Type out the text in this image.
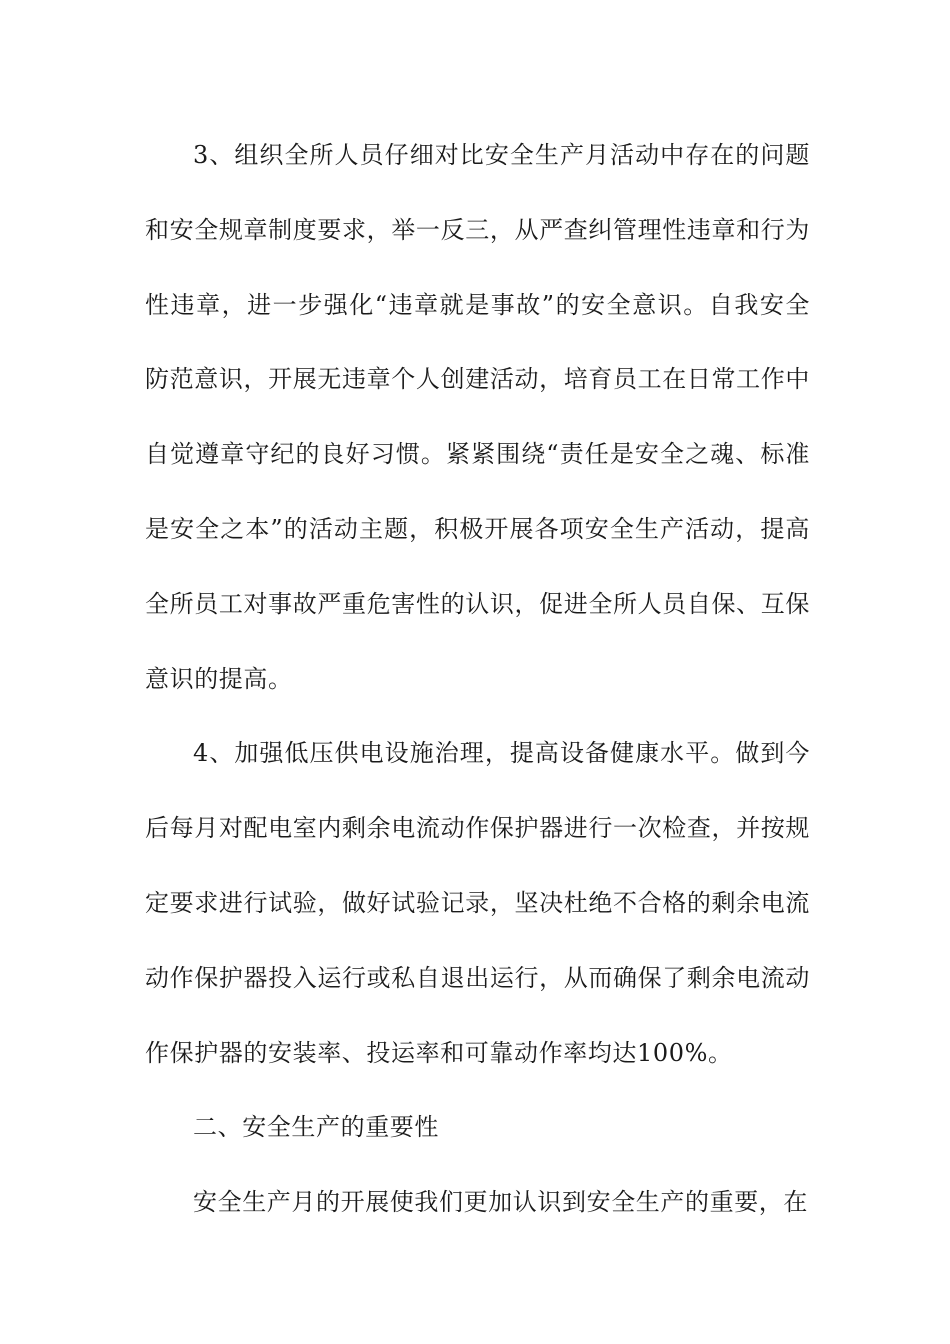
3、组织全所人员仔细对比安全生产月活动中存在的问题和安全规章制度要求，举一反三，从严查纠管理性违章和行为性违章，进一步强化“违章就是事故”的安全意识。自我安全防范意识，开展无违章个人创建活动，培育员工在日常工作中自觉遵章守纪的良好习惯。紧紧围绕“责任是安全之魂、标准是安全之本”的活动主题，积极开展各项安全生产活动，提高全所员工对事故严重危害性的认识，促进全所人员自保、互保意识的提高。

4、加强低压供电设施治理，提高设备健康水平。做到今后每月对配电室内剩余电流动作保护器进行一次检查，并按规定要求进行试验，做好试验记录，坚决杜绝不合格的剩余电流动作保护器投入运行或私自退出运行，从而确保了剩余电流动作保护器的安装率、投运率和可靠动作率均达100%。

二、安全生产的重要性

安全生产月的开展使我们更加认识到安全生产的重要，在
